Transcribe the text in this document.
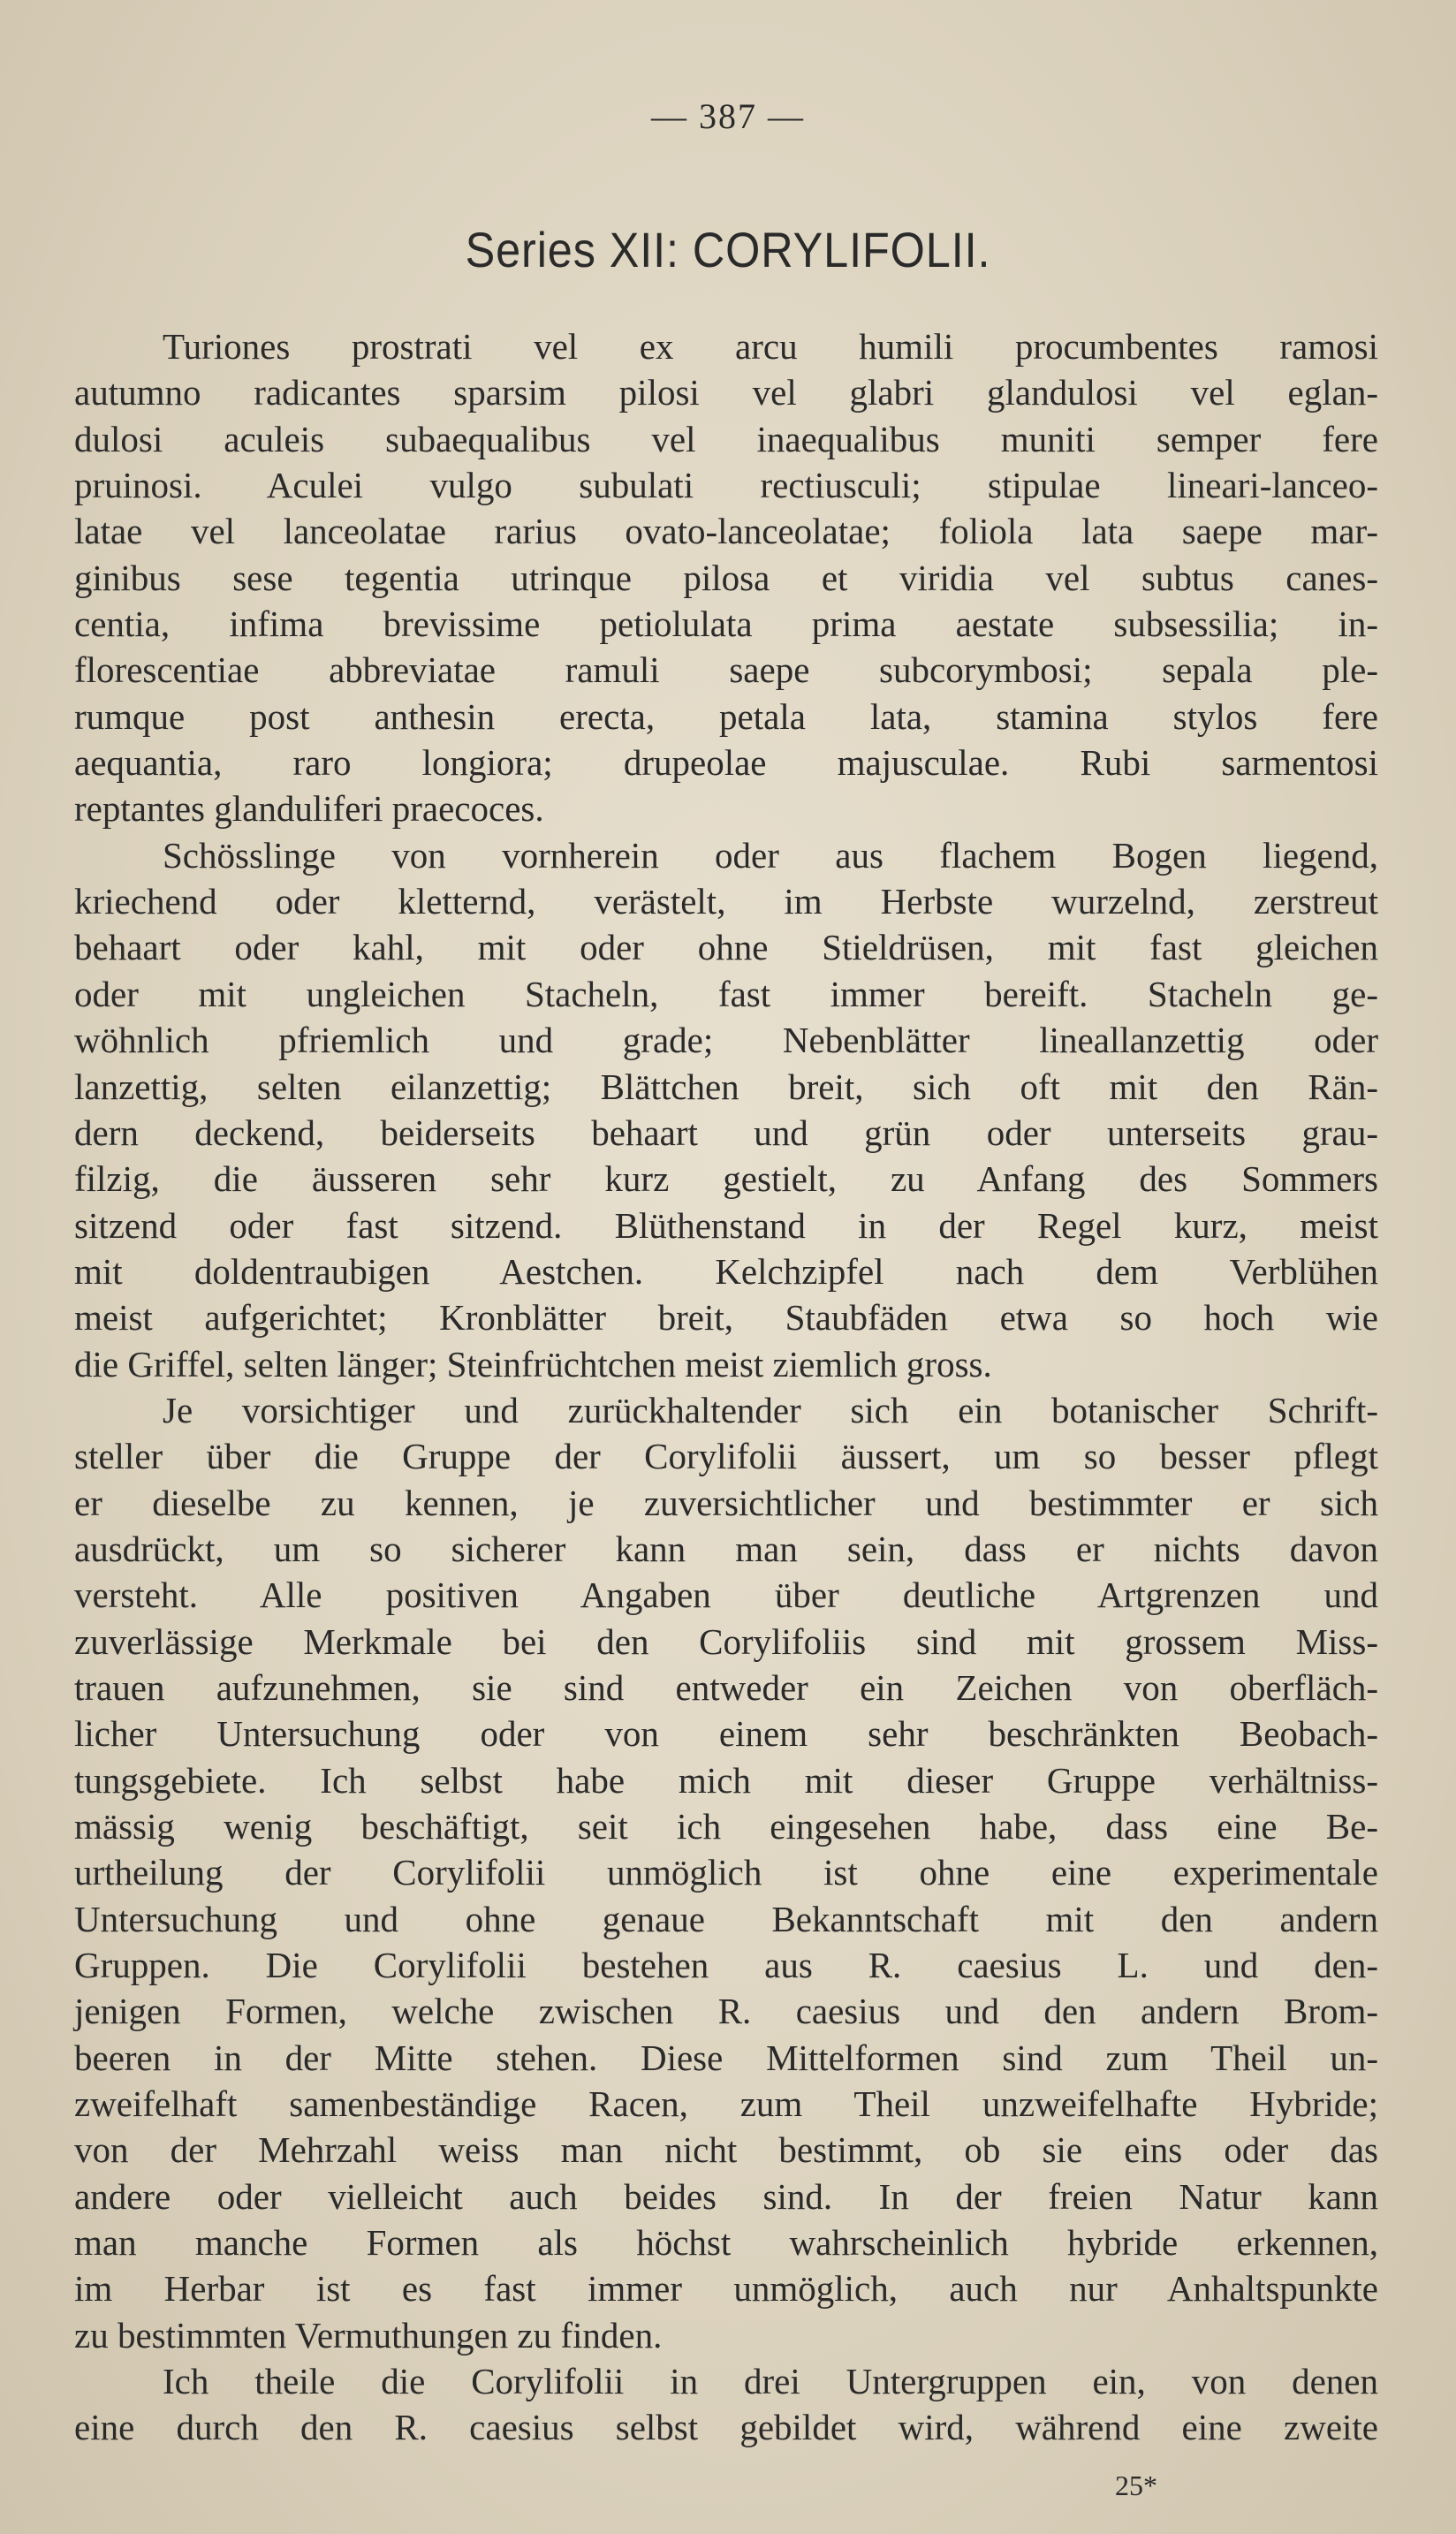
— 387 —
Series XII: CORYLIFOLII.
Turiones prostrati vel ex arcu humili procumbentes ramosi
autumno radicantes sparsim pilosi vel glabri glandulosi vel eglan-
dulosi aculeis subaequalibus vel inaequalibus muniti semper fere
pruinosi. Aculei vulgo subulati rectiusculi; stipulae lineari-lanceo-
latae vel lanceolatae rarius ovato-lanceolatae; foliola lata saepe mar-
ginibus sese tegentia utrinque pilosa et viridia vel subtus canes-
centia, infima brevissime petiolulata prima aestate subsessilia; in-
florescentiae abbreviatae ramuli saepe subcorymbosi; sepala ple-
rumque post anthesin erecta, petala lata, stamina stylos fere
aequantia, raro longiora; drupeolae majusculae. Rubi sarmentosi
reptantes glanduliferi praecoces.
Schösslinge von vornherein oder aus flachem Bogen liegend,
kriechend oder kletternd, verästelt, im Herbste wurzelnd, zerstreut
behaart oder kahl, mit oder ohne Stieldrüsen, mit fast gleichen
oder mit ungleichen Stacheln, fast immer bereift. Stacheln ge-
wöhnlich pfriemlich und grade; Nebenblätter lineallanzettig oder
lanzettig, selten eilanzettig; Blättchen breit, sich oft mit den Rän-
dern deckend, beiderseits behaart und grün oder unterseits grau-
filzig, die äusseren sehr kurz gestielt, zu Anfang des Sommers
sitzend oder fast sitzend. Blüthenstand in der Regel kurz, meist
mit doldentraubigen Aestchen. Kelchzipfel nach dem Verblühen
meist aufgerichtet; Kronblätter breit, Staubfäden etwa so hoch wie
die Griffel, selten länger; Steinfrüchtchen meist ziemlich gross.
Je vorsichtiger und zurückhaltender sich ein botanischer Schrift-
steller über die Gruppe der Corylifolii äussert, um so besser pflegt
er dieselbe zu kennen, je zuversichtlicher und bestimmter er sich
ausdrückt, um so sicherer kann man sein, dass er nichts davon
versteht. Alle positiven Angaben über deutliche Artgrenzen und
zuverlässige Merkmale bei den Corylifoliis sind mit grossem Miss-
trauen aufzunehmen, sie sind entweder ein Zeichen von oberfläch-
licher Untersuchung oder von einem sehr beschränkten Beobach-
tungsgebiete. Ich selbst habe mich mit dieser Gruppe verhältniss-
mässig wenig beschäftigt, seit ich eingesehen habe, dass eine Be-
urtheilung der Corylifolii unmöglich ist ohne eine experimentale
Untersuchung und ohne genaue Bekanntschaft mit den andern
Gruppen. Die Corylifolii bestehen aus R. caesius L. und den-
jenigen Formen, welche zwischen R. caesius und den andern Brom-
beeren in der Mitte stehen. Diese Mittelformen sind zum Theil un-
zweifelhaft samenbeständige Racen, zum Theil unzweifelhafte Hybride;
von der Mehrzahl weiss man nicht bestimmt, ob sie eins oder das
andere oder vielleicht auch beides sind. In der freien Natur kann
man manche Formen als höchst wahrscheinlich hybride erkennen,
im Herbar ist es fast immer unmöglich, auch nur Anhaltspunkte
zu bestimmten Vermuthungen zu finden.
Ich theile die Corylifolii in drei Untergruppen ein, von denen
eine durch den R. caesius selbst gebildet wird, während eine zweite
25*
